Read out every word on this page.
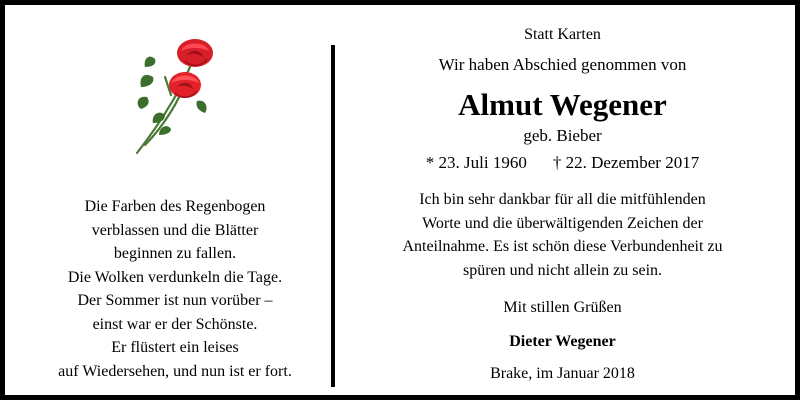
Die Farben des Regenbogen
verblassen und die Blätter
beginnen zu fallen.
Die Wolken verdunkeln die Tage.
Der Sommer ist nun vorüber –
einst war er der Schönste.
Er flüstert ein leises
auf Wiedersehen, und nun ist er fort.
Statt Karten
Wir haben Abschied genommen von
Almut Wegener
geb. Bieber
* 23. Juli 1960 † 22. Dezember 2017
Ich bin sehr dankbar für all die mitfühlenden
Worte und die überwältigenden Zeichen der
Anteilnahme. Es ist schön diese Verbundenheit zu
spüren und nicht allein zu sein.
Mit stillen Grüßen
Dieter Wegener
Brake, im Januar 2018
